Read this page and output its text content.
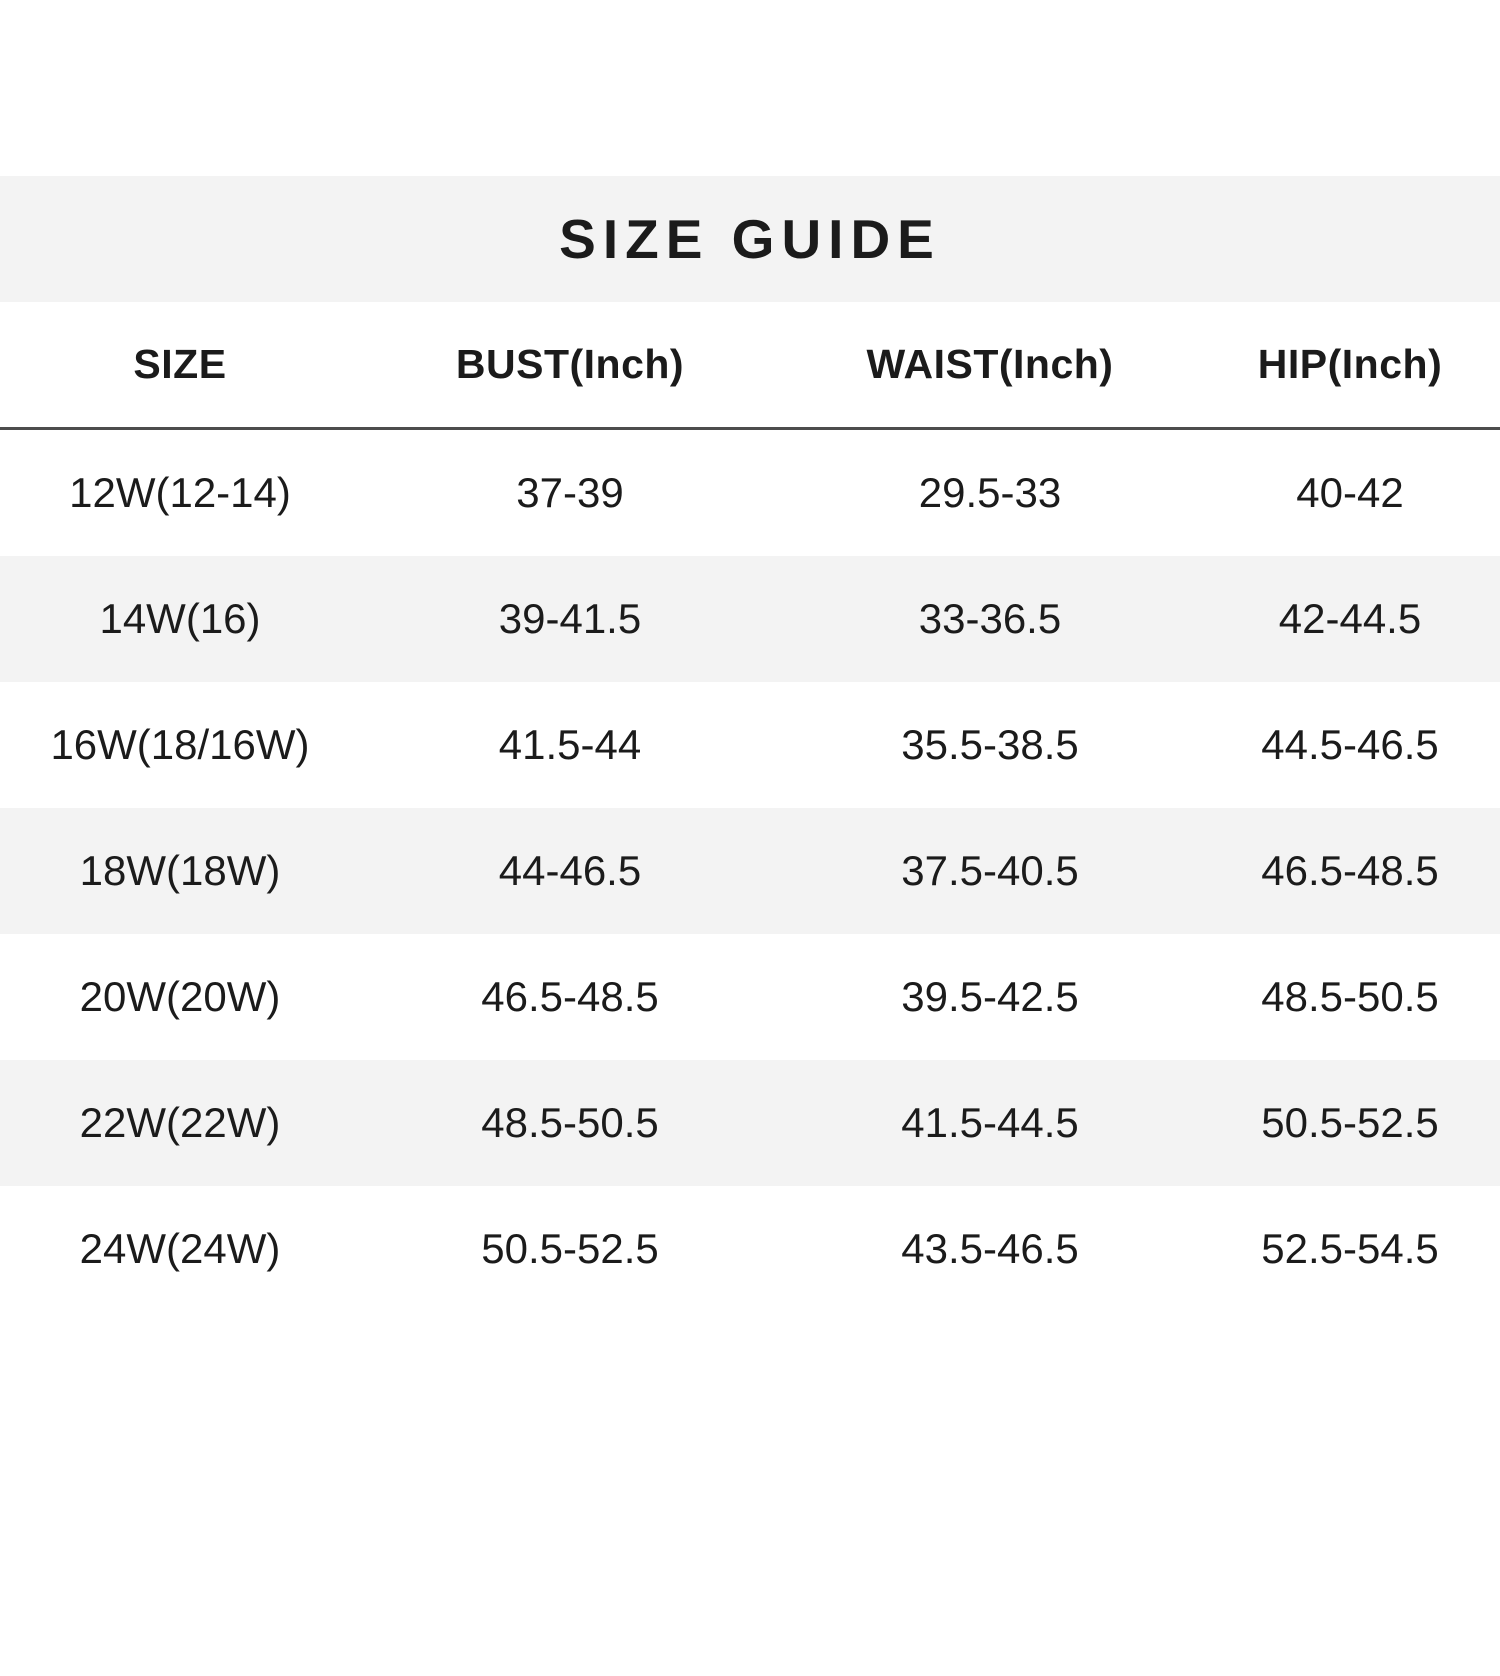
SIZE GUIDE
SIZE	BUST(Inch)	WAIST(Inch)	HIP(Inch)
12W(12-14)	37-39	29.5-33	40-42
14W(16)	39-41.5	33-36.5	42-44.5
16W(18/16W)	41.5-44	35.5-38.5	44.5-46.5
18W(18W)	44-46.5	37.5-40.5	46.5-48.5
20W(20W)	46.5-48.5	39.5-42.5	48.5-50.5
22W(22W)	48.5-50.5	41.5-44.5	50.5-52.5
24W(24W)	50.5-52.5	43.5-46.5	52.5-54.5
